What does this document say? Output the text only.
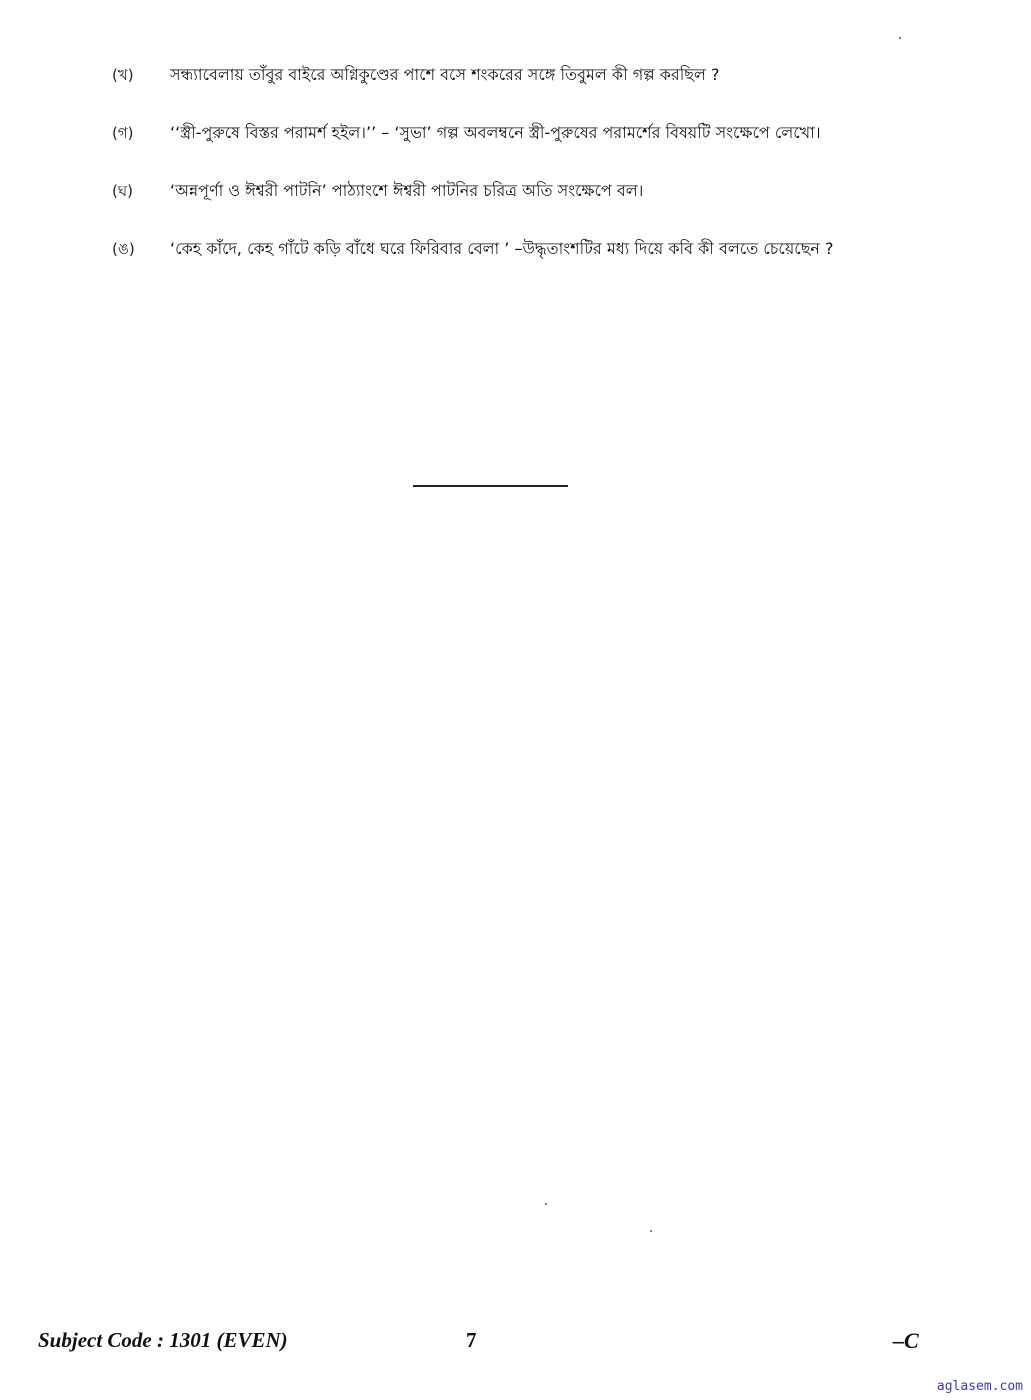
(খ)	সন্ধ্যাবেলায় তাঁবুর বাইরে অগ্নিকুণ্ডের পাশে বসে শংকরের সঙ্গে তিবুমল কী গল্প করছিল ?
(গ)	‘‘স্ত্রী-পুরুষে বিস্তর পরামর্শ হইল।’’ – ‘সুভা’ গল্প অবলম্বনে স্ত্রী-পুরুষের পরামর্শের বিষয়টি সংক্ষেপে লেখো।
(ঘ)	‘অন্নপূর্ণা ও ঈশ্বরী পাটনি’ পাঠ্যাংশে ঈশ্বরী পাটনির চরিত্র অতি সংক্ষেপে বল।
(ঙ)	‘কেহ কাঁদে, কেহ গাঁটে কড়ি বাঁধে ঘরে ফিরিবার বেলা ’ –উদ্ধৃতাংশটির মধ্য দিয়ে কবি কী বলতে চেয়েছেন ?
Subject Code : 1301 (EVEN)	7	–C
aglasem.com
